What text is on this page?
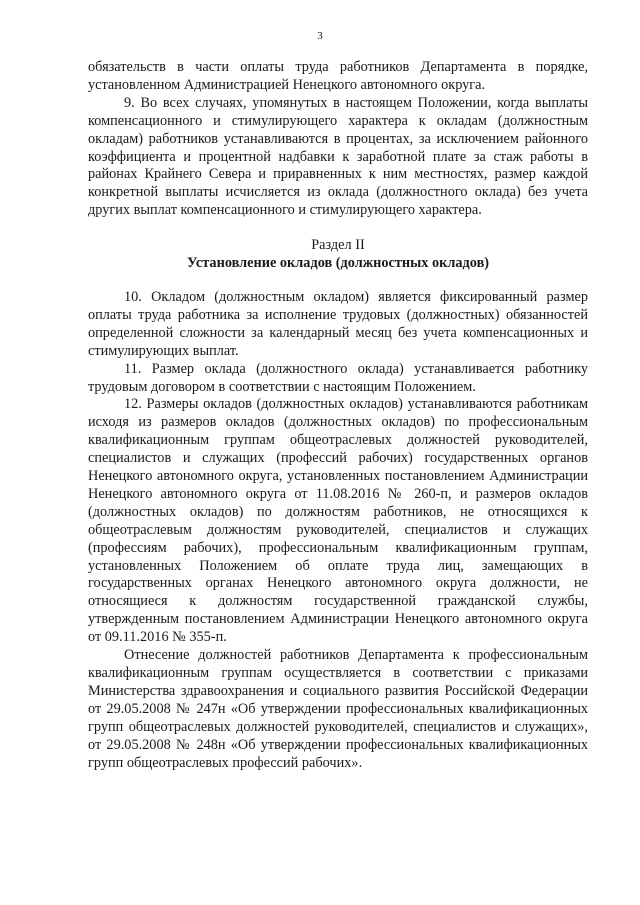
3

обязательств в части оплаты труда работников Департамента в порядке, установленном Администрацией Ненецкого автономного округа.

9. Во всех случаях, упомянутых в настоящем Положении, когда выплаты компенсационного и стимулирующего характера к окладам (должностным окладам) работников устанавливаются в процентах, за исключением районного коэффициента и процентной надбавки к заработной плате за стаж работы в районах Крайнего Севера и приравненных к ним местностях, размер каждой конкретной выплаты исчисляется из оклада (должностного оклада) без учета других выплат компенсационного и стимулирующего характера.

Раздел II

Установление окладов (должностных окладов)

10. Окладом (должностным окладом) является фиксированный размер оплаты труда работника за исполнение трудовых (должностных) обязанностей определенной сложности за календарный месяц без учета компенсационных и стимулирующих выплат.

11. Размер оклада (должностного оклада) устанавливается работнику трудовым договором в соответствии с настоящим Положением.

12. Размеры окладов (должностных окладов) устанавливаются работникам исходя из размеров окладов (должностных окладов) по профессиональным квалификационным группам общеотраслевых должностей руководителей, специалистов и служащих (профессий рабочих) государственных органов Ненецкого автономного округа, установленных постановлением Администрации Ненецкого автономного округа от 11.08.2016 № 260-п, и размеров окладов (должностных окладов) по должностям работников, не относящихся к общеотраслевым должностям руководителей, специалистов и служащих (профессиям рабочих), профессиональным квалификационным группам, установленных Положением об оплате труда лиц, замещающих в государственных органах Ненецкого автономного округа должности, не относящиеся к должностям государственной гражданской службы, утвержденным постановлением Администрации Ненецкого автономного округа от 09.11.2016 № 355-п.

Отнесение должностей работников Департамента к профессиональным квалификационным группам осуществляется в соответствии с приказами Министерства здравоохранения и социального развития Российской Федерации от 29.05.2008 № 247н «Об утверждении профессиональных квалификационных групп общеотраслевых должностей руководителей, специалистов и служащих», от 29.05.2008 № 248н «Об утверждении профессиональных квалификационных групп общеотраслевых профессий рабочих».
